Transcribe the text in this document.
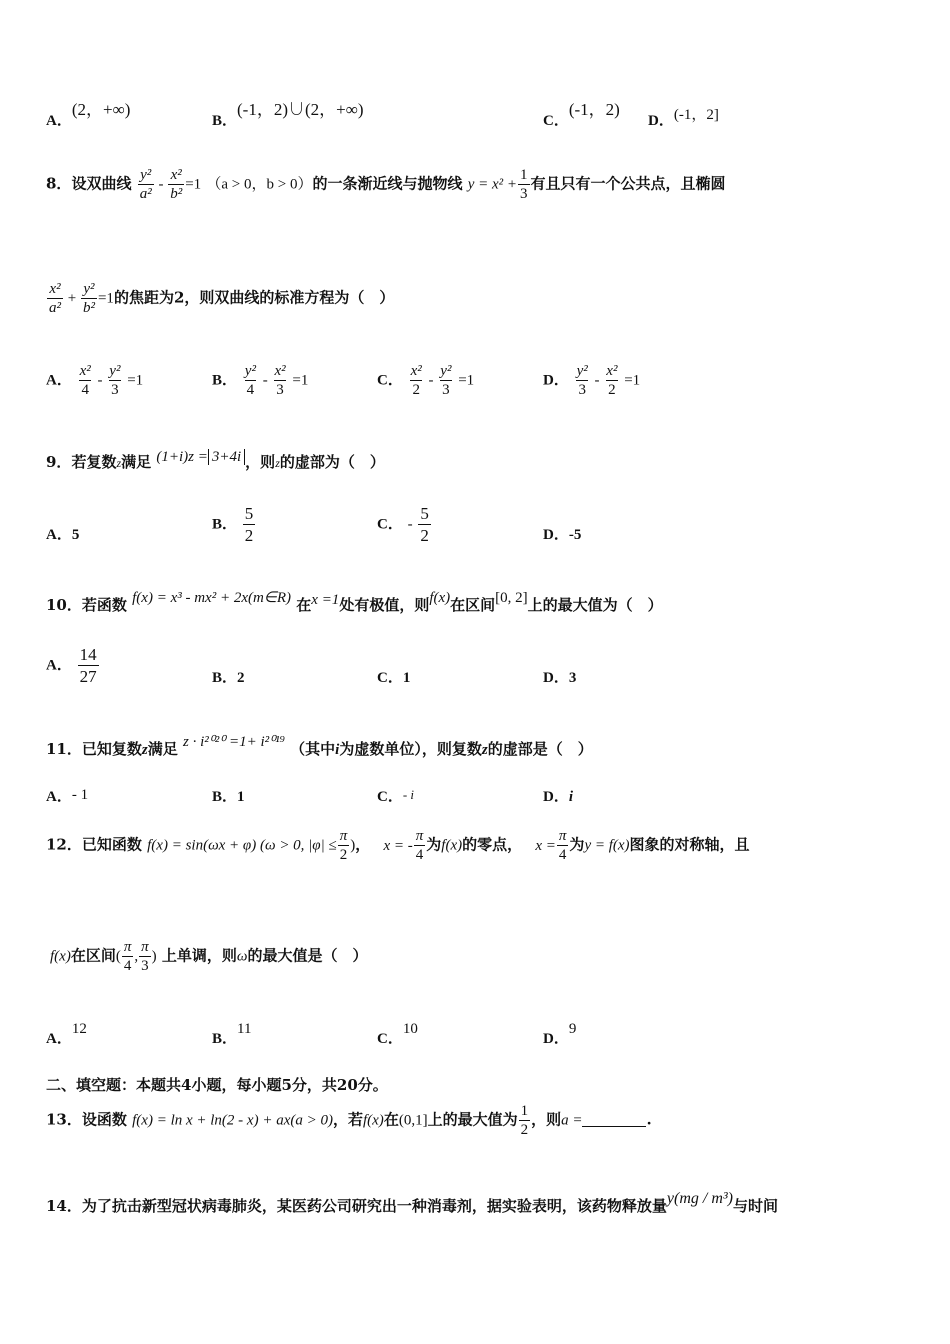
A．(2，+∞)
B．(-1，2)∪(2，+∞)
C．(-1，2)
D．(-1，2]
8．设双曲线 $\frac{\text{y²}}{\text{a²}} - \frac{\text{x²}}{\text{b²}} =1$ （a > 0，b > 0）的一条渐近线与抛物线 $y = x^2 + \frac{1}{3}$ 有且只有一个公共点，且椭圆
$\frac{\text{x²}}{\text{a²}} + \frac{\text{y²}}{\text{b²}} =1$的焦距为2，则双曲线的标准方程为（　）
A． $\frac{\text{x²}}{4} - \frac{\text{y²}}{3} =1$	B． $\frac{\text{y²}}{4} - \frac{\text{x²}}{3} =1$	C． $\frac{\text{x²}}{2} - \frac{\text{y²}}{3} =1$	D． $\frac{\text{y²}}{3} - \frac{\text{x²}}{2} =1$
9．若复数z满足 (1+i)z = 3+4i ，则z的虚部为（　）
A．5
B． $\frac{5}{2}$	C． - $\frac{5}{2}$	D．-5
10．若函数 f(x) = x³ - mx² + 2x(m∈R) 在x =1处有极值，则f(x)在区间[0, 2]上的最大值为（　）
A． $\frac{14}{27}$	B．2	C．1	D．3
11．已知复数z满足 z · i²⁰²⁰ =1+ i²⁰¹⁹ （其中i为虚数单位），则复数z的虚部是（　）
A．- 1	B．1	C．- i	D．i
12．已知函数 f(x) = sin(ωx + φ) (ω > 0, $|\varphi| \le \frac{\pi}{2}$ )， x = - $\frac{\pi}{4}$ 为f(x)的零点， $x = \frac{\pi}{4}$ 为y = f(x)图象的对称轴，且
f(x)在区间( $\frac{\pi}{4}$ , $\frac{\pi}{3}$ ) 上单调，则ω的最大值是（　）
A．12
B．11
C．10
D．9
二、填空题：本题共4小题，每小题5分，共20分。
13．设函数 f(x) = ln x + ln(2 - x) + ax(a > 0)，若f(x)在(0,1]上的最大值为 $\frac{1}{2}$ ，则a =	.
14．为了抗击新型冠状病毒肺炎，某医药公司研究出一种消毒剂，据实验表明，该药物释放量y(mg / m³)与时间
